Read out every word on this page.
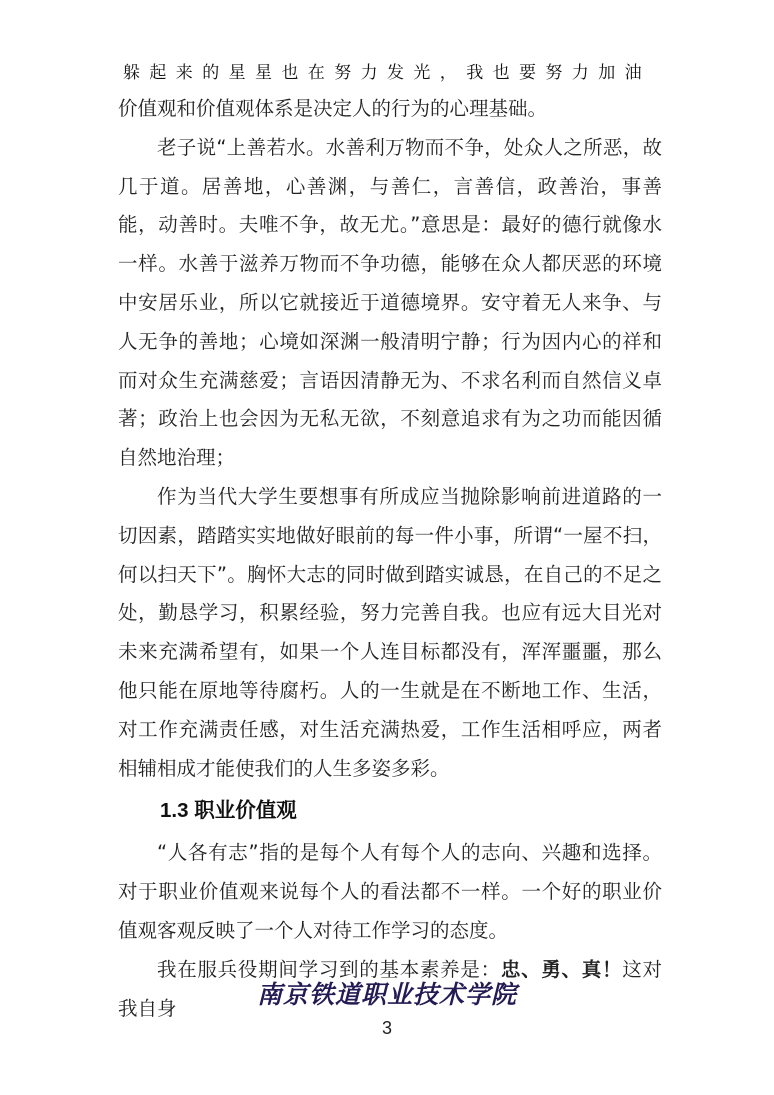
躲起来的星星也在努力发光，我也要努力加油

价值观和价值观体系是决定人的行为的心理基础。

老子说“上善若水。水善利万物而不争，处众人之所恶，故几于道。居善地，心善渊，与善仁，言善信，政善治，事善能，动善时。夫唯不争，故无尤。”意思是：最好的德行就像水一样。水善于滋养万物而不争功德，能够在众人都厌恶的环境中安居乐业，所以它就接近于道德境界。安守着无人来争、与人无争的善地；心境如深渊一般清明宁静；行为因内心的祥和而对众生充满慈爱；言语因清静无为、不求名利而自然信义卓著；政治上也会因为无私无欲，不刻意追求有为之功而能因循自然地治理；

作为当代大学生要想事有所成应当抛除影响前进道路的一切因素，踏踏实实地做好眼前的每一件小事，所谓“一屋不扫，何以扫天下”。胸怀大志的同时做到踏实诚恳，在自己的不足之处，勤恳学习，积累经验，努力完善自我。也应有远大目光对未来充满希望有，如果一个人连目标都没有，浑浑噩噩，那么他只能在原地等待腐朽。人的一生就是在不断地工作、生活，对工作充满责任感，对生活充满热爱，工作生活相呼应，两者相辅相成才能使我们的人生多姿多彩。

1.3 职业价值观

“人各有志”指的是每个人有每个人的志向、兴趣和选择。对于职业价值观来说每个人的看法都不一样。一个好的职业价值观客观反映了一个人对待工作学习的态度。

我在服兵役期间学习到的基本素养是：忠、勇、真！这对我自身	南京铁道职业技术学院
3
